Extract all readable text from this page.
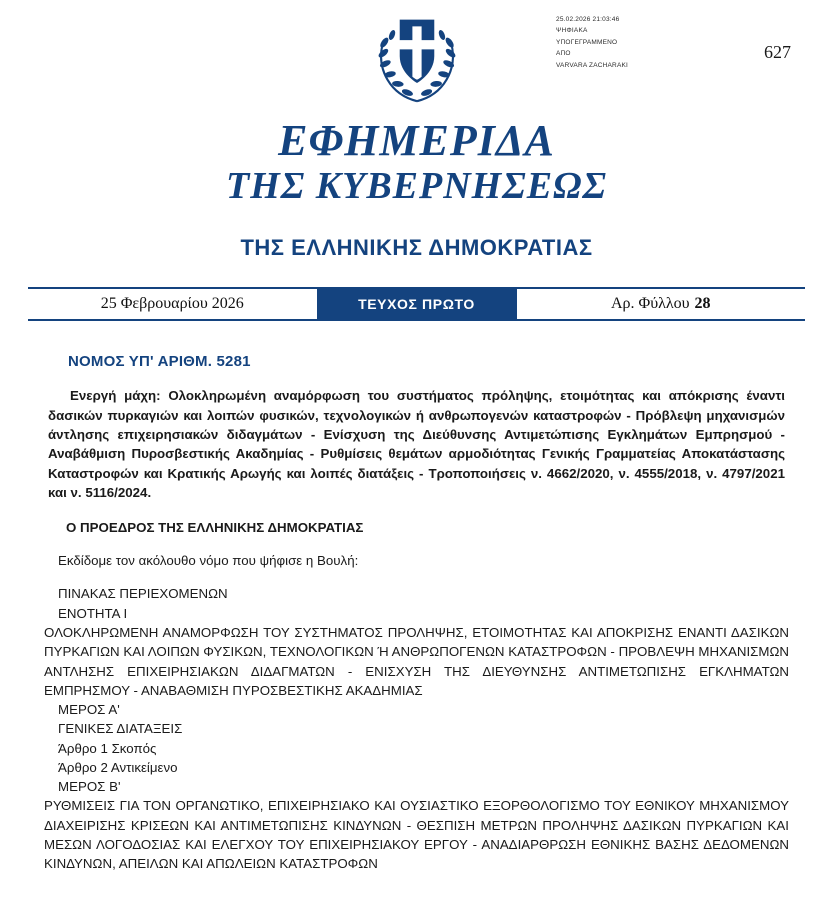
25.02.2026 21:03:46
ΨΗΦΙΑΚΑ
ΥΠΟΓΕΓΡΑΜΜΕΝΟ
ΑΠΟ
VARVARA ZACHARAKI
627
ΕΦΗΜΕΡΙΔΑ
ΤΗΣ ΚΥΒΕΡΝΗΣΕΩΣ
ΤΗΣ ΕΛΛΗΝΙΚΗΣ ΔΗΜΟΚΡΑΤΙΑΣ
25 Φεβρουαρίου 2026	ΤΕΥΧΟΣ ΠΡΩΤΟ	Αρ. Φύλλου 28
ΝΟΜΟΣ ΥΠ' ΑΡΙΘΜ. 5281
Ενεργή μάχη: Ολοκληρωμένη αναμόρφωση του συστήματος πρόληψης, ετοιμότητας και απόκρισης έναντι δασικών πυρκαγιών και λοιπών φυσικών, τεχνολογικών ή ανθρωπογενών καταστροφών - Πρόβλεψη μηχανισμών άντλησης επιχειρησιακών διδαγμάτων - Ενίσχυση της Διεύθυνσης Αντιμετώπισης Εγκλημάτων Εμπρησμού - Αναβάθμιση Πυροσβεστικής Ακαδημίας - Ρυθμίσεις θεμάτων αρμοδιότητας Γενικής Γραμματείας Αποκατάστασης Καταστροφών και Κρατικής Αρωγής και λοιπές διατάξεις - Τροποποιήσεις ν. 4662/2020, ν. 4555/2018, ν. 4797/2021 και ν. 5116/2024.
Ο ΠΡΟΕΔΡΟΣ ΤΗΣ ΕΛΛΗΝΙΚΗΣ ΔΗΜΟΚΡΑΤΙΑΣ
Εκδίδομε τον ακόλουθο νόμο που ψήφισε η Βουλή:

ΠΙΝΑΚΑΣ ΠΕΡΙΕΧΟΜΕΝΩΝ

ΕΝΟΤΗΤΑ Ι

ΟΛΟΚΛΗΡΩΜΕΝΗ ΑΝΑΜΟΡΦΩΣΗ ΤΟΥ ΣΥΣΤΗΜΑΤΟΣ ΠΡΟΛΗΨΗΣ, ΕΤΟΙΜΟΤΗΤΑΣ ΚΑΙ ΑΠΟΚΡΙΣΗΣ ΕΝΑΝΤΙ ΔΑΣΙΚΩΝ ΠΥΡΚΑΓΙΩΝ ΚΑΙ ΛΟΙΠΩΝ ΦΥΣΙΚΩΝ, ΤΕΧΝΟΛΟΓΙΚΩΝ Ή ΑΝΘΡΩΠΟΓΕΝΩΝ ΚΑΤΑΣΤΡΟΦΩΝ - ΠΡΟΒΛΕΨΗ ΜΗΧΑΝΙΣΜΩΝ ΑΝΤΛΗΣΗΣ ΕΠΙΧΕΙΡΗΣΙΑΚΩΝ ΔΙΔΑΓΜΑΤΩΝ - ΕΝΙΣΧΥΣΗ ΤΗΣ ΔΙΕΥΘΥΝΣΗΣ ΑΝΤΙΜΕΤΩΠΙΣΗΣ ΕΓΚΛΗΜΑΤΩΝ ΕΜΠΡΗΣΜΟΥ - ΑΝΑΒΑΘΜΙΣΗ ΠΥΡΟΣΒΕΣΤΙΚΗΣ ΑΚΑΔΗΜΙΑΣ

ΜΕΡΟΣ Α'

ΓΕΝΙΚΕΣ ΔΙΑΤΑΞΕΙΣ

Άρθρο 1 Σκοπός

Άρθρο 2 Αντικείμενο

ΜΕΡΟΣ Β'

ΡΥΘΜΙΣΕΙΣ ΓΙΑ ΤΟΝ ΟΡΓΑΝΩΤΙΚΟ, ΕΠΙΧΕΙΡΗΣΙΑΚΟ ΚΑΙ ΟΥΣΙΑΣΤΙΚΟ ΕΞΟΡΘΟΛΟΓΙΣΜΟ ΤΟΥ ΕΘΝΙΚΟΥ ΜΗΧΑΝΙΣΜΟΥ ΔΙΑΧΕΙΡΙΣΗΣ ΚΡΙΣΕΩΝ ΚΑΙ ΑΝΤΙΜΕΤΩΠΙΣΗΣ ΚΙΝΔΥΝΩΝ - ΘΕΣΠΙΣΗ ΜΕΤΡΩΝ ΠΡΟΛΗΨΗΣ ΔΑΣΙΚΩΝ ΠΥΡΚΑΓΙΩΝ ΚΑΙ ΜΕΣΩΝ ΛΟΓΟΔΟΣΙΑΣ ΚΑΙ ΕΛΕΓΧΟΥ ΤΟΥ ΕΠΙΧΕΙΡΗΣΙΑΚΟΥ ΕΡΓΟΥ - ΑΝΑΔΙΑΡΘΡΩΣΗ ΕΘΝΙΚΗΣ ΒΑΣΗΣ ΔΕΔΟΜΕΝΩΝ ΚΙΝΔΥΝΩΝ, ΑΠΕΙΛΩΝ ΚΑΙ ΑΠΩΛΕΙΩΝ ΚΑΤΑΣΤΡΟΦΩΝ
